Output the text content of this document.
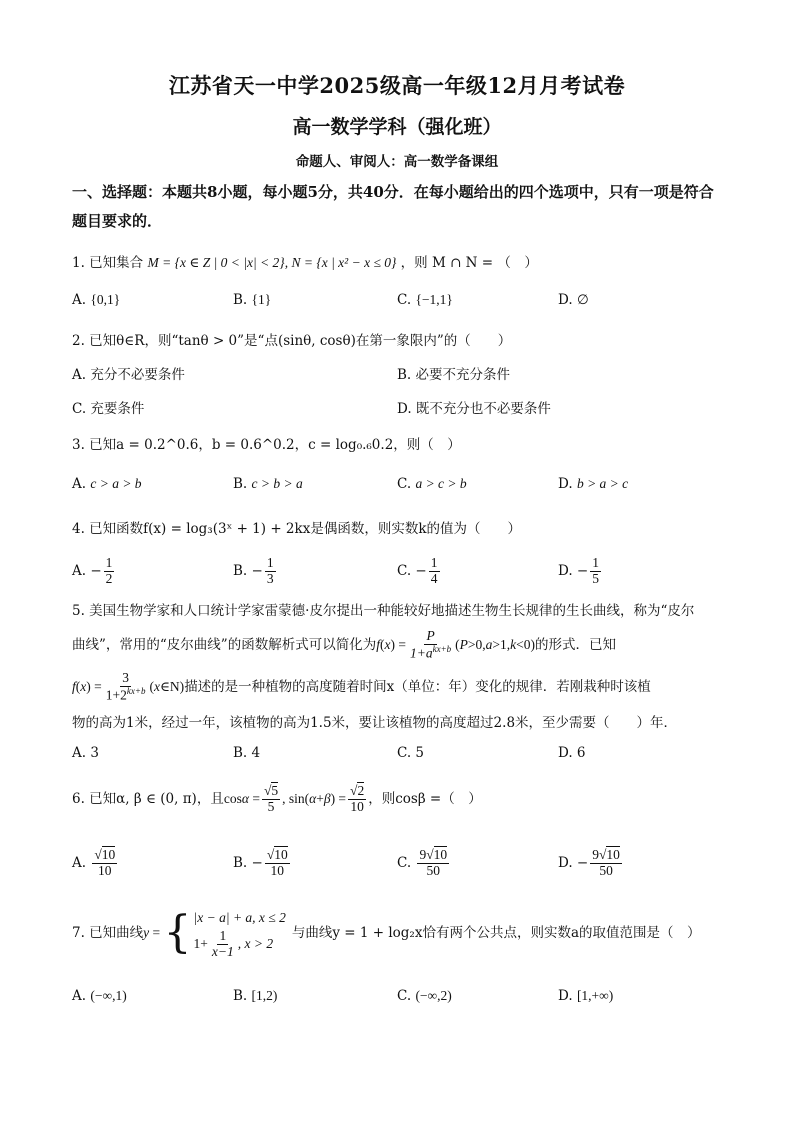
江苏省天一中学2025级高一年级12月月考试卷
高一数学学科（强化班）
命题人、审阅人：高一数学备课组
一、选择题：本题共8小题，每小题5分，共40分．在每小题给出的四个选项中，只有一项是符合题目要求的．
1. 已知集合 M = {x ∈ Z | 0 < |x| < 2}, N = {x | x² − x ≤ 0} ，则 M ∩ N = （　）
A.
{0,1}	B.
{1}	C.
{−1,1}	D.
∅
2. 已知θ∈R，则“tanθ > 0”是“点(sinθ, cosθ)在第一象限内”的（　　）
A. 充分不必要条件	B. 必要不充分条件
C. 充要条件	D. 既不充分也不必要条件
3. 已知a = 0.2^0.6，b = 0.6^0.2，c = log₀.₆0.2，则（　）
A.
c > a > b	B.
c > b > a	C.
a > c > b	D.
b > a > c
4. 已知函数f(x) = log₃(3ˣ + 1) + 2kx是偶函数，则实数k的值为（　　）
A. −
1
2	B. −
1
3	C. −
1
4	D. −
1
5
5. 美国生物学家和人口统计学家雷蒙德·皮尔提出一种能较好地描述生物生长规律的生长曲线，称为“皮尔
曲线”，常用的“皮尔曲线”的函数解析式可以简化为 f ( x ) =
P
$1+a^{kx+b}$ ( P >0, a >1, k <0) 的形式．已知
f ( x ) = $\frac{3}{1+2^{kx+b}}$ ( x ∈N) 描述的是一种植物的高度随着时间x（单位：年）变化的规律．若刚栽种时该植
物的高为1米，经过一年，该植物的高为1.5米，要让该植物的高度超过2.8米，至少需要（　　）年．
A. 3	B. 4	C. 5	D. 6
6. 已知α, β ∈ (0, π)，且 $\cos \alpha = \frac{√5}{5}$ , sin( α + β ) = $\frac{√2}{10}$ ，则cosβ =（　）
A.

√10
10	B. −
√10
10	C.

9√10
50	D. −
9√10
50
7. 已知曲线 y = { |x − a| + a, x ≤ 2
1+
1
x−1 , x > 2
与曲线y = 1 + log₂x恰有两个公共点，则实数a的取值范围是（　）
A.
(−∞,1)	B.
[1,2)	C.
(−∞,2)	D.
[1,+∞)
